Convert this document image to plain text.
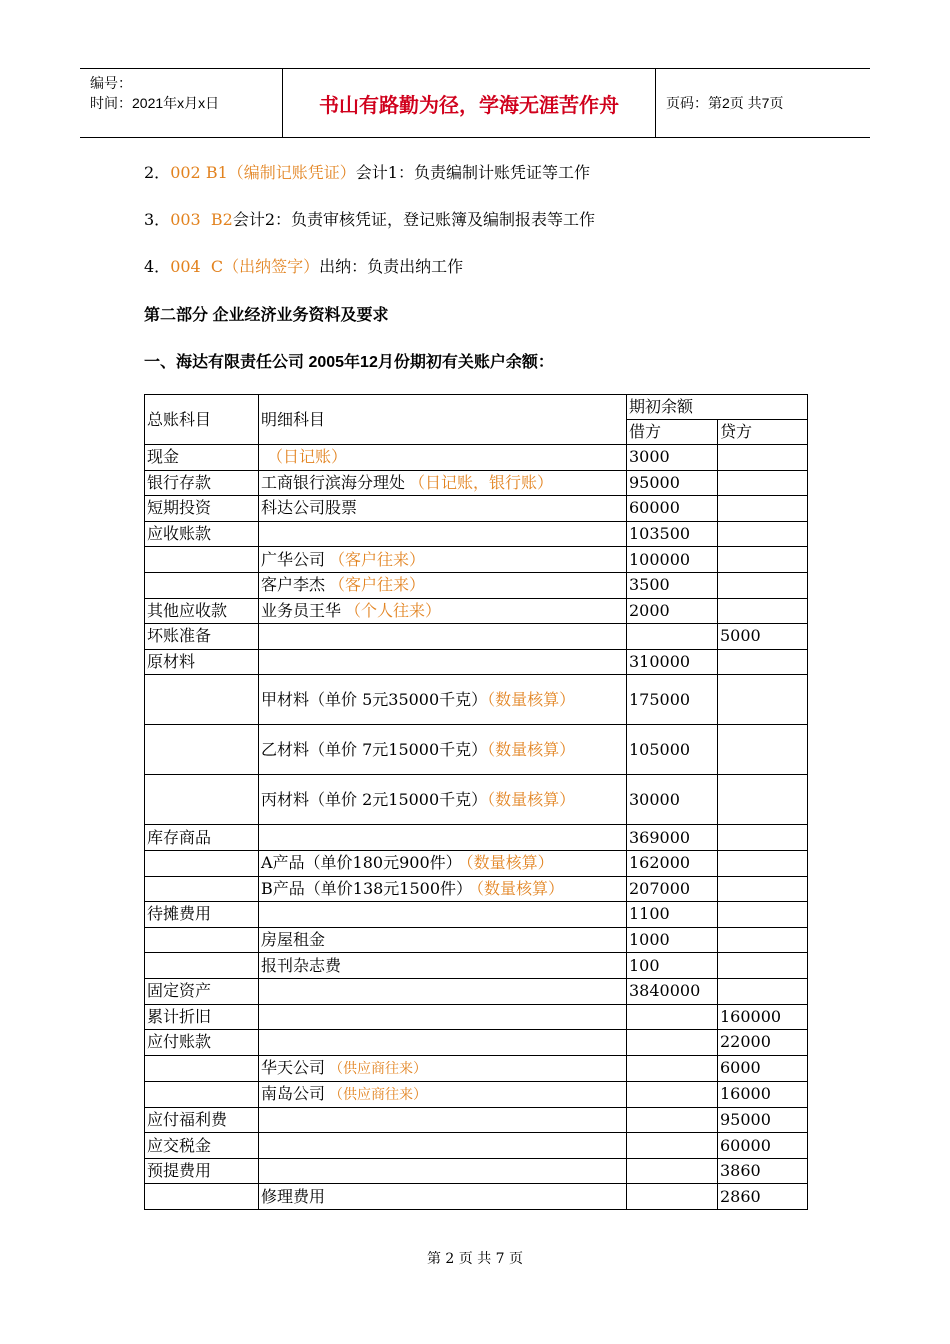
编号：
时间：2021年x月x日	书山有路勤为径，学海无涯苦作舟	页码：第2页 共7页
2．002 B1（编制记账凭证）会计1：负责编制计账凭证等工作
3．003  B2会计2：负责审核凭证，登记账簿及编制报表等工作
4．004  C（出纳签字）出纳：负责出纳工作
第二部分 企业经济业务资料及要求
一、海达有限责任公司 2005年12月份期初有关账户余额：
总账科目	明细科目	期初余额	
		借方	贷方
现金	（日记账）	3000	
银行存款	工商银行滨海分理处 （日记账，银行账）	95000	
短期投资	科达公司股票	60000	
应收账款		103500	
	广华公司 （客户往来）	100000	
	客户李杰 （客户往来）	3500	
其他应收款	业务员王华 （个人往来）	2000	
坏账准备			5000
原材料		310000	
	甲材料（单价 5元35000千克）（数量核算）	175000	
	乙材料（单价 7元15000千克）（数量核算）	105000	
	丙材料（单价 2元15000千克）（数量核算）	30000	
库存商品		369000	
	A产品（单价180元900件） （数量核算）	162000	
	B产品（单价138元1500件） （数量核算）	207000	
待摊费用		1100	
	房屋租金	1000	
	报刊杂志费	100	
固定资产		3840000	
累计折旧			160000
应付账款			22000
	华天公司 （供应商往来）		6000
	南岛公司 （供应商往来）		16000
应付福利费			95000
应交税金			60000
预提费用			3860
	修理费用		2860
第 2 页 共 7 页
